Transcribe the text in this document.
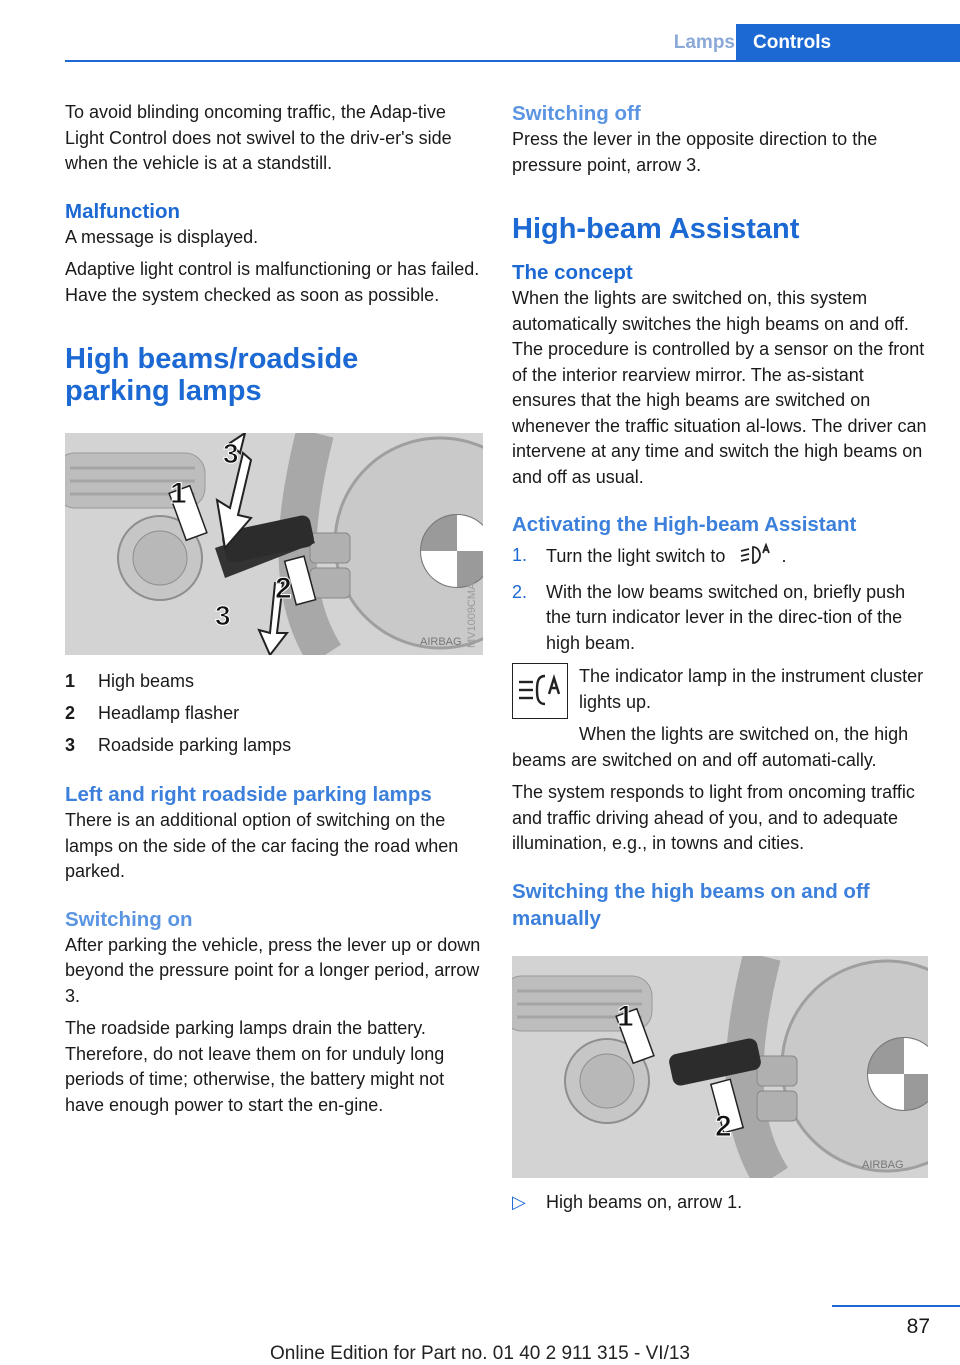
Lamps Controls

To avoid blinding oncoming traffic, the Adap-tive Light Control does not swivel to the driv-er's side when the vehicle is at a standstill.

Malfunction

A message is displayed.

Adaptive light control is malfunctioning or has failed. Have the system checked as soon as possible.

High beams/roadside
parking lamps
1
2
3
3
AIRBAG MV1009CMA
1	High beams
2	Headlamp flasher
3	Roadside parking lamps
Left and right roadside parking lamps

There is an additional option of switching on the lamps on the side of the car facing the road when parked.

Switching on

After parking the vehicle, press the lever up or down beyond the pressure point for a longer period, arrow 3.

The roadside parking lamps drain the battery. Therefore, do not leave them on for unduly long periods of time; otherwise, the battery might not have enough power to start the en-gine.

Switching off

Press the lever in the opposite direction to the pressure point, arrow 3.

High-beam Assistant
The concept

When the lights are switched on, this system automatically switches the high beams on and off. The procedure is controlled by a sensor on the front of the interior rearview mirror. The as-sistant ensures that the high beams are switched on whenever the traffic situation al-lows. The driver can intervene at any time and switch the high beams on and off as usual.

Activating the High-beam Assistant
1.	Turn the light switch to	.
2.	With the low beams switched on, briefly push the turn indicator lever in the direc-tion of the high beam.

The indicator lamp in the instrument cluster lights up.

When the lights are switched on, the high beams are switched on and off automati-cally.

The system responds to light from oncoming traffic and traffic driving ahead of you, and to adequate illumination, e.g., in towns and cities.

Switching the high beams on and off manually
1
2
AIRBAG
▷	High beams on, arrow 1.
87
Online Edition for Part no. 01 40 2 911 315 - VI/13
